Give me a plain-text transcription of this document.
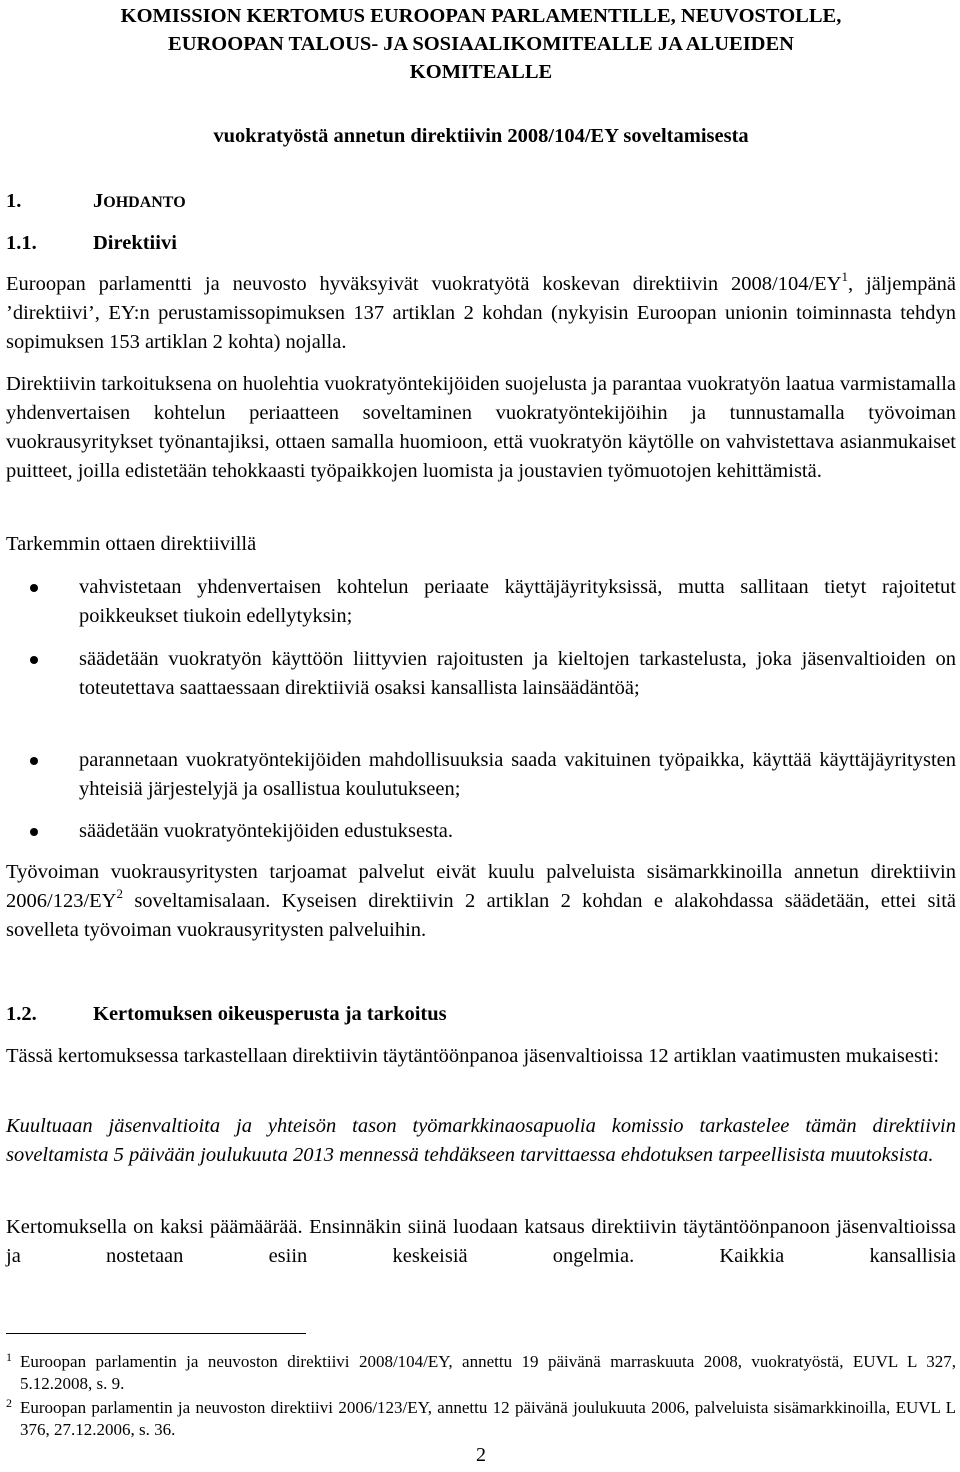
KOMISSION KERTOMUS EUROOPAN PARLAMENTILLE, NEUVOSTOLLE,
EUROOPAN TALOUS- JA SOSIAALIKOMITEALLE JA ALUEIDEN
KOMITEALLE
vuokratyöstä annetun direktiivin 2008/104/EY soveltamisesta
1.	JOHDANTO
1.1.	Direktiivi
Euroopan parlamentti ja neuvosto hyväksyivät vuokratyötä koskevan direktiivin $2008/104/EY^1$, jäljempänä ’direktiivi’, EY:n perustamissopimuksen 137 artiklan 2 kohdan (nykyisin Euroopan unionin toiminnasta tehdyn sopimuksen 153 artiklan 2 kohta) nojalla.
Direktiivin tarkoituksena on huolehtia vuokratyöntekijöiden suojelusta ja parantaa vuokratyön laatua varmistamalla yhdenvertaisen kohtelun periaatteen soveltaminen vuokratyöntekijöihin ja tunnustamalla työvoiman vuokrausyritykset työnantajiksi, ottaen samalla huomioon, että vuokratyön käytölle on vahvistettava asianmukaiset puitteet, joilla edistetään tehokkaasti työpaikkojen luomista ja joustavien työmuotojen kehittämistä.
Tarkemmin ottaen direktiivillä
vahvistetaan yhdenvertaisen kohtelun periaate käyttäjäyrityksissä, mutta sallitaan tietyt rajoitetut poikkeukset tiukoin edellytyksin;
säädetään vuokratyön käyttöön liittyvien rajoitusten ja kieltojen tarkastelusta, joka jäsenvaltioiden on toteutettava saattaessaan direktiiviä osaksi kansallista lainsäädäntöä;
parannetaan vuokratyöntekijöiden mahdollisuuksia saada vakituinen työpaikka, käyttää käyttäjäyritysten yhteisiä järjestelyjä ja osallistua koulutukseen;
säädetään vuokratyöntekijöiden edustuksesta.
Työvoiman vuokrausyritysten tarjoamat palvelut eivät kuulu palveluista sisämarkkinoilla annetun direktiivin $2006/123/EY^2$ soveltamisalaan. Kyseisen direktiivin 2 artiklan 2 kohdan e alakohdassa säädetään, ettei sitä sovelleta työvoiman vuokrausyritysten palveluihin.
1.2.	Kertomuksen oikeusperusta ja tarkoitus
Tässä kertomuksessa tarkastellaan direktiivin täytäntöönpanoa jäsenvaltioissa 12 artiklan vaatimusten mukaisesti:
Kuultuaan jäsenvaltioita ja yhteisön tason työmarkkinaosapuolia komissio tarkastelee tämän direktiivin soveltamista 5 päivään joulukuuta 2013 mennessä tehdäkseen tarvittaessa ehdotuksen tarpeellisista muutoksista.
Kertomuksella on kaksi päämäärää. Ensinnäkin siinä luodaan katsaus direktiivin täytäntöönpanoon jäsenvaltioissa ja nostetaan esiin keskeisiä ongelmia. Kaikkia kansallisia
1 Euroopan parlamentin ja neuvoston direktiivi 2008/104/EY, annettu 19 päivänä marraskuuta 2008, vuokratyöstä, EUVL L 327, 5.12.2008, s. 9.
2 Euroopan parlamentin ja neuvoston direktiivi 2006/123/EY, annettu 12 päivänä joulukuuta 2006, palveluista sisämarkkinoilla, EUVL L 376, 27.12.2006, s. 36.
2
